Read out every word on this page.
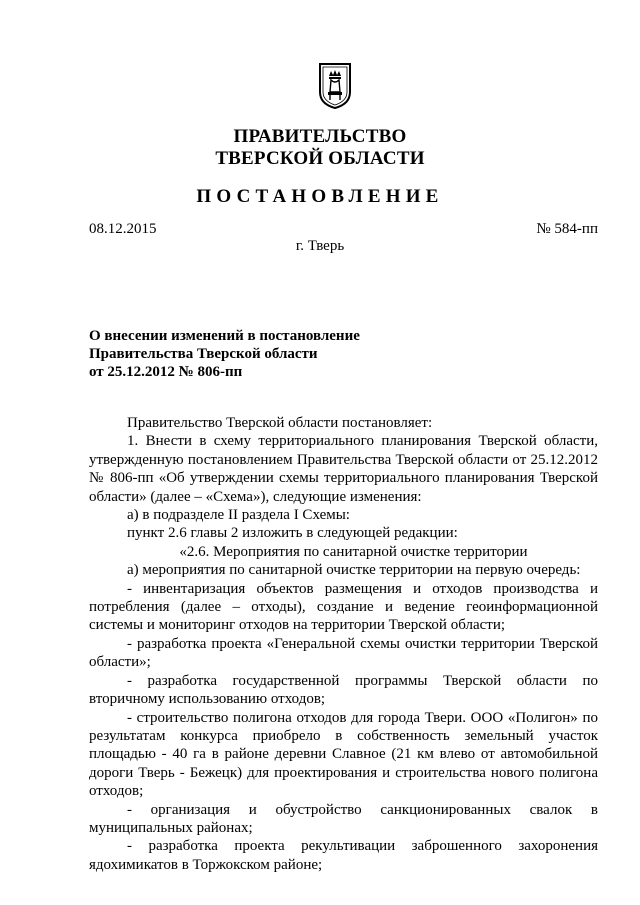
ПРАВИТЕЛЬСТВО
ТВЕРСКОЙ ОБЛАСТИ
ПОСТАНОВЛЕНИЕ
08.12.2015	№ 584-пп
г. Тверь
О внесении изменений в постановление
Правительства Тверской области
от 25.12.2012 № 806-пп

Правительство Тверской области постановляет:

1. Внести в схему территориального планирования Тверской области, утвержденную постановлением Правительства Тверской области от 25.12.2012 № 806-пп «Об утверждении схемы территориального планирования Тверской области» (далее – «Схема»), следующие изменения:

а) в подразделе II раздела I Схемы:

пункт 2.6 главы 2 изложить в следующей редакции:

«2.6. Мероприятия по санитарной очистке территории

а) мероприятия по санитарной очистке территории на первую очередь:

- инвентаризация объектов размещения и отходов производства и потребления (далее – отходы), создание и ведение геоинформационной системы и мониторинг отходов на территории Тверской области;

- разработка проекта «Генеральной схемы очистки территории Тверской области»;

- разработка государственной программы Тверской области по вторичному использованию отходов;

- строительство полигона отходов для города Твери. ООО «Полигон» по результатам конкурса приобрело в собственность земельный участок площадью - 40 га в районе деревни Славное (21 км влево от автомобильной дороги Тверь - Бежецк) для проектирования и строительства нового полигона отходов;

- организация и обустройство санкционированных свалок в муниципальных районах;

- разработка проекта рекультивации заброшенного захоронения ядохимикатов в Торжокском районе;
